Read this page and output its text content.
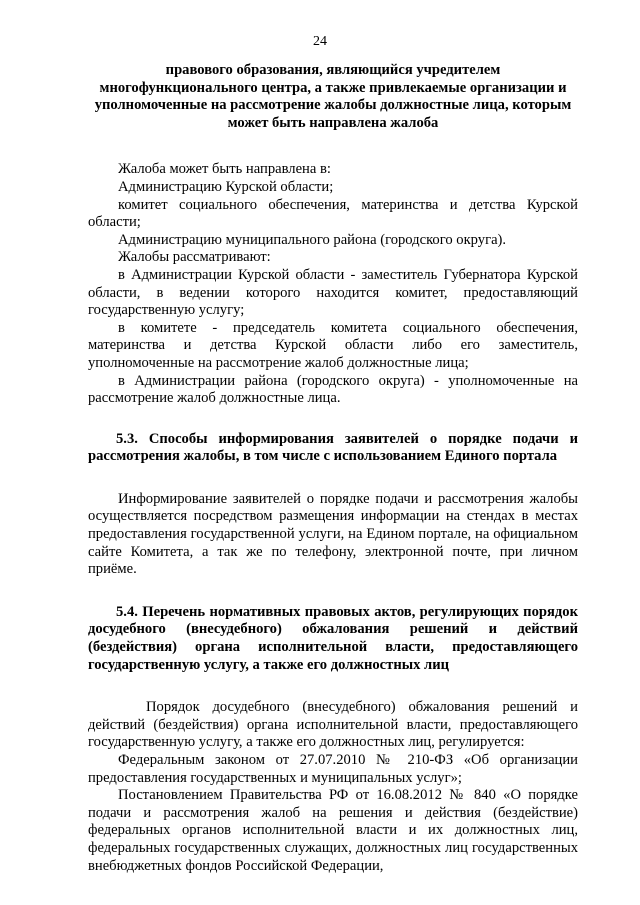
24

правового образования, являющийся учредителем многофункционального центра, а также привлекаемые организации и уполномоченные на рассмотрение жалобы должностные лица, которым может быть направлена жалоба

Жалоба может быть направлена в:

Администрацию Курской области;

комитет социального обеспечения, материнства и детства Курской области;

Администрацию муниципального района (городского округа).

Жалобы рассматривают:

в Администрации Курской области - заместитель Губернатора Курской области, в ведении которого находится комитет, предоставляющий государственную услугу;

в комитете - председатель комитета социального обеспечения, материнства и детства Курской области либо его заместитель, уполномоченные на рассмотрение жалоб должностные лица;

в Администрации района (городского округа) - уполномоченные на рассмотрение жалоб должностные лица.

5.3. Способы информирования заявителей о порядке подачи и рассмотрения жалобы, в том числе с использованием Единого портала

Информирование заявителей о порядке подачи и рассмотрения жалобы осуществляется посредством размещения информации на стендах в местах предоставления государственной услуги, на Едином портале, на официальном сайте Комитета, а так же по телефону, электронной почте, при личном приёме.

5.4. Перечень нормативных правовых актов, регулирующих порядок досудебного (внесудебного) обжалования решений и действий (бездействия) органа исполнительной власти, предоставляющего государственную услугу, а также его должностных лиц

Порядок досудебного (внесудебного) обжалования решений и действий (бездействия) органа исполнительной власти, предоставляющего государственную услугу, а также его должностных лиц, регулируется:

Федеральным законом от 27.07.2010 № 210-ФЗ «Об организации предоставления государственных и муниципальных услуг»;

Постановлением Правительства РФ от 16.08.2012 № 840 «О порядке подачи и рассмотрения жалоб на решения и действия (бездействие) федеральных органов исполнительной власти и их должностных лиц, федеральных государственных служащих, должностных лиц государственных внебюджетных фондов Российской Федерации,
